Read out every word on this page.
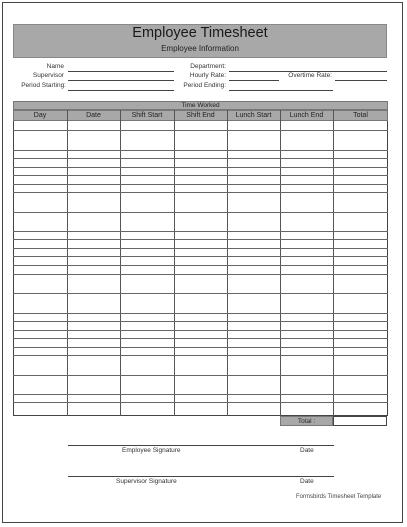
Employee Timesheet
Employee Information
Name	Department:
Supervisor	Hourly Rate:	Overtime Rate:
Period Starting:	Period Ending:
Time Worked
Day	Date	Shift Start	Shift End	Lunch Start	Lunch End	Total
Total :
Employee Signature	Date
Supervisor Signature	Date
Formsbirds Timesheet Template
